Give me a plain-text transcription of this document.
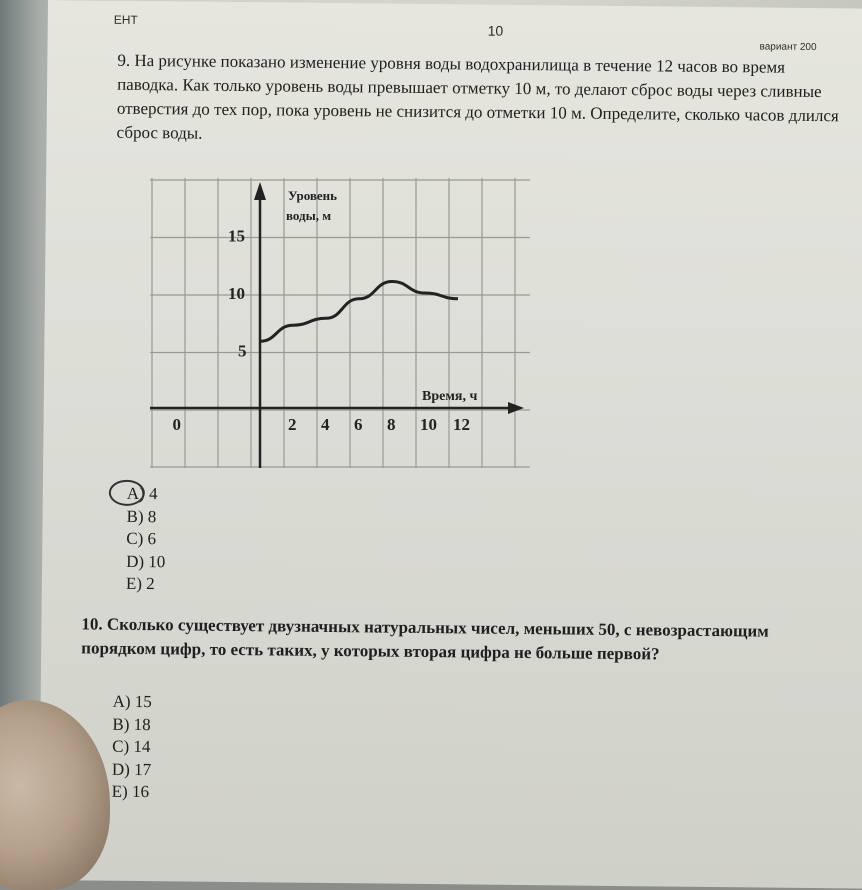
ЕНТ
10
вариант 200
9. На рисунке показано изменение уровня воды водохранилища в течение 12 часов во время паводка. Как только уровень воды превышает отметку 10 м, то делают сброс воды через сливные отверстия до тех пор, пока уровень не снизится до отметки 10 м. Определите, сколько часов длился сброс воды.
A) 4
B) 8
C) 6
D) 10
E) 2
10. Сколько существует двузначных натуральных чисел, меньших 50, с невозрастающим порядком цифр, то есть таких, у которых вторая цифра не больше первой?
A) 15
B) 18
C) 14
D) 17
E) 16
0	2 4 6 8 10 12
5
10
15
Уровень
воды, м
Время, ч
